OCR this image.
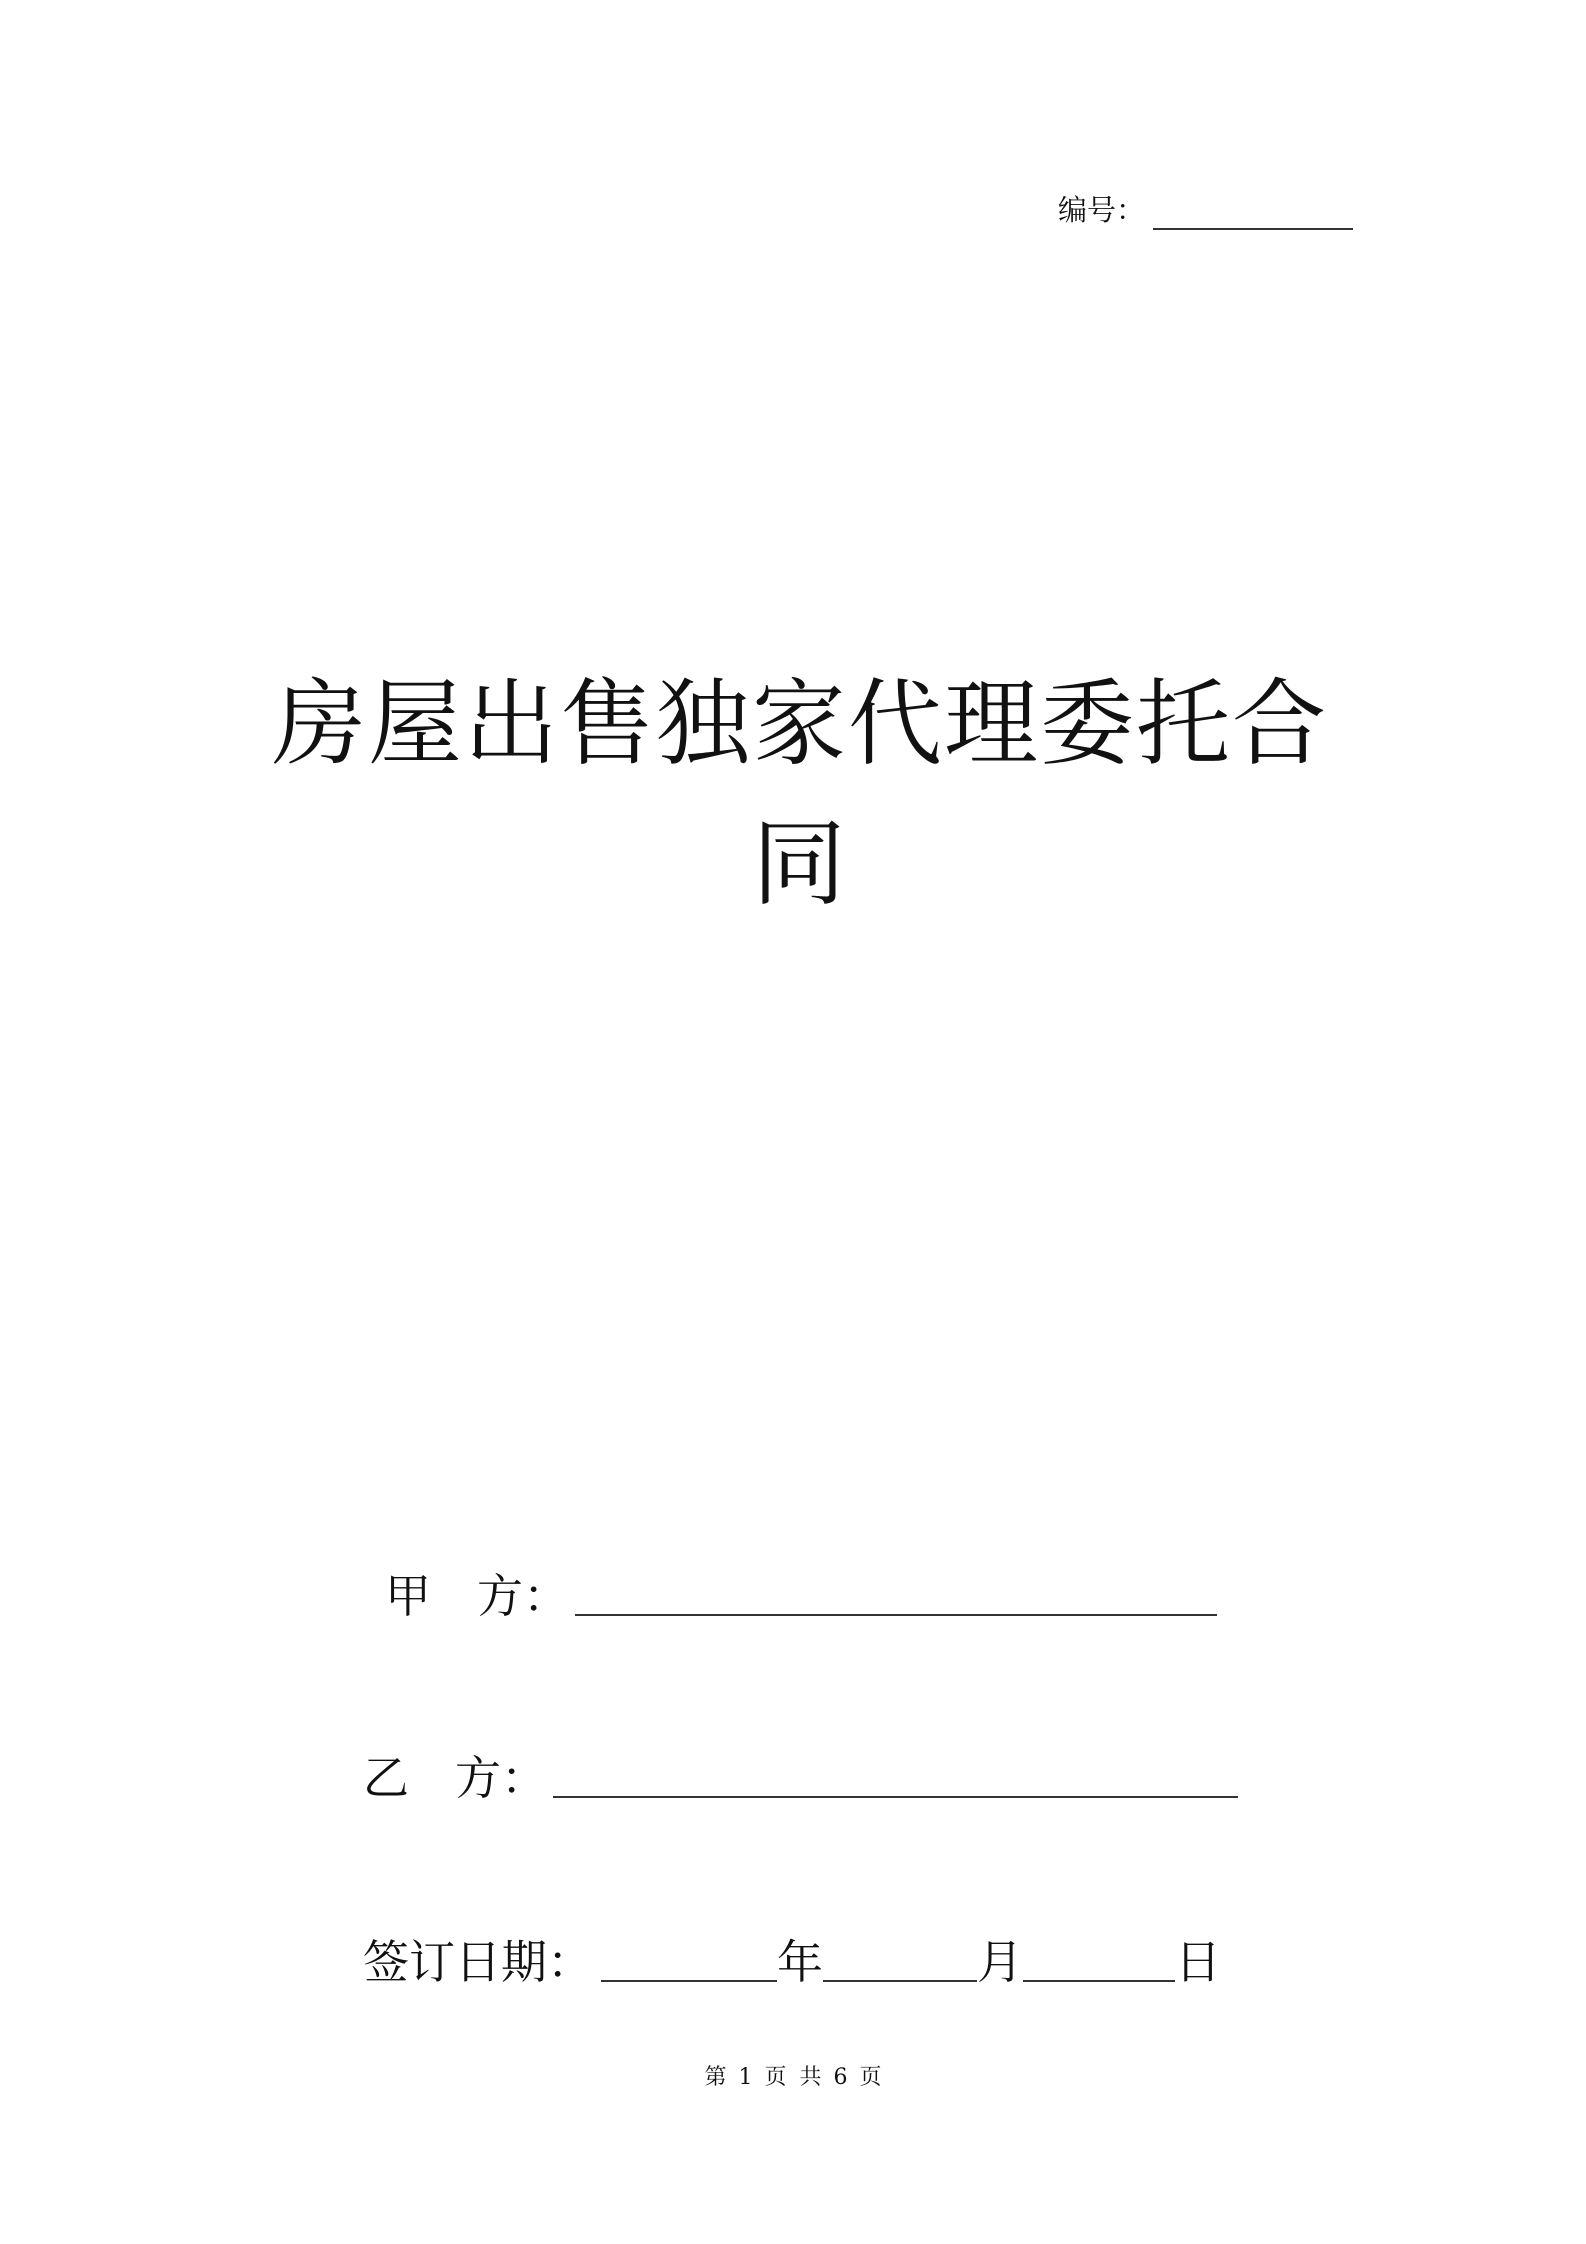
编号：
房屋出售独家代理委托合
同
甲　方：
乙　方：
签订日期：	年	月	日
第 1 页 共 6 页
